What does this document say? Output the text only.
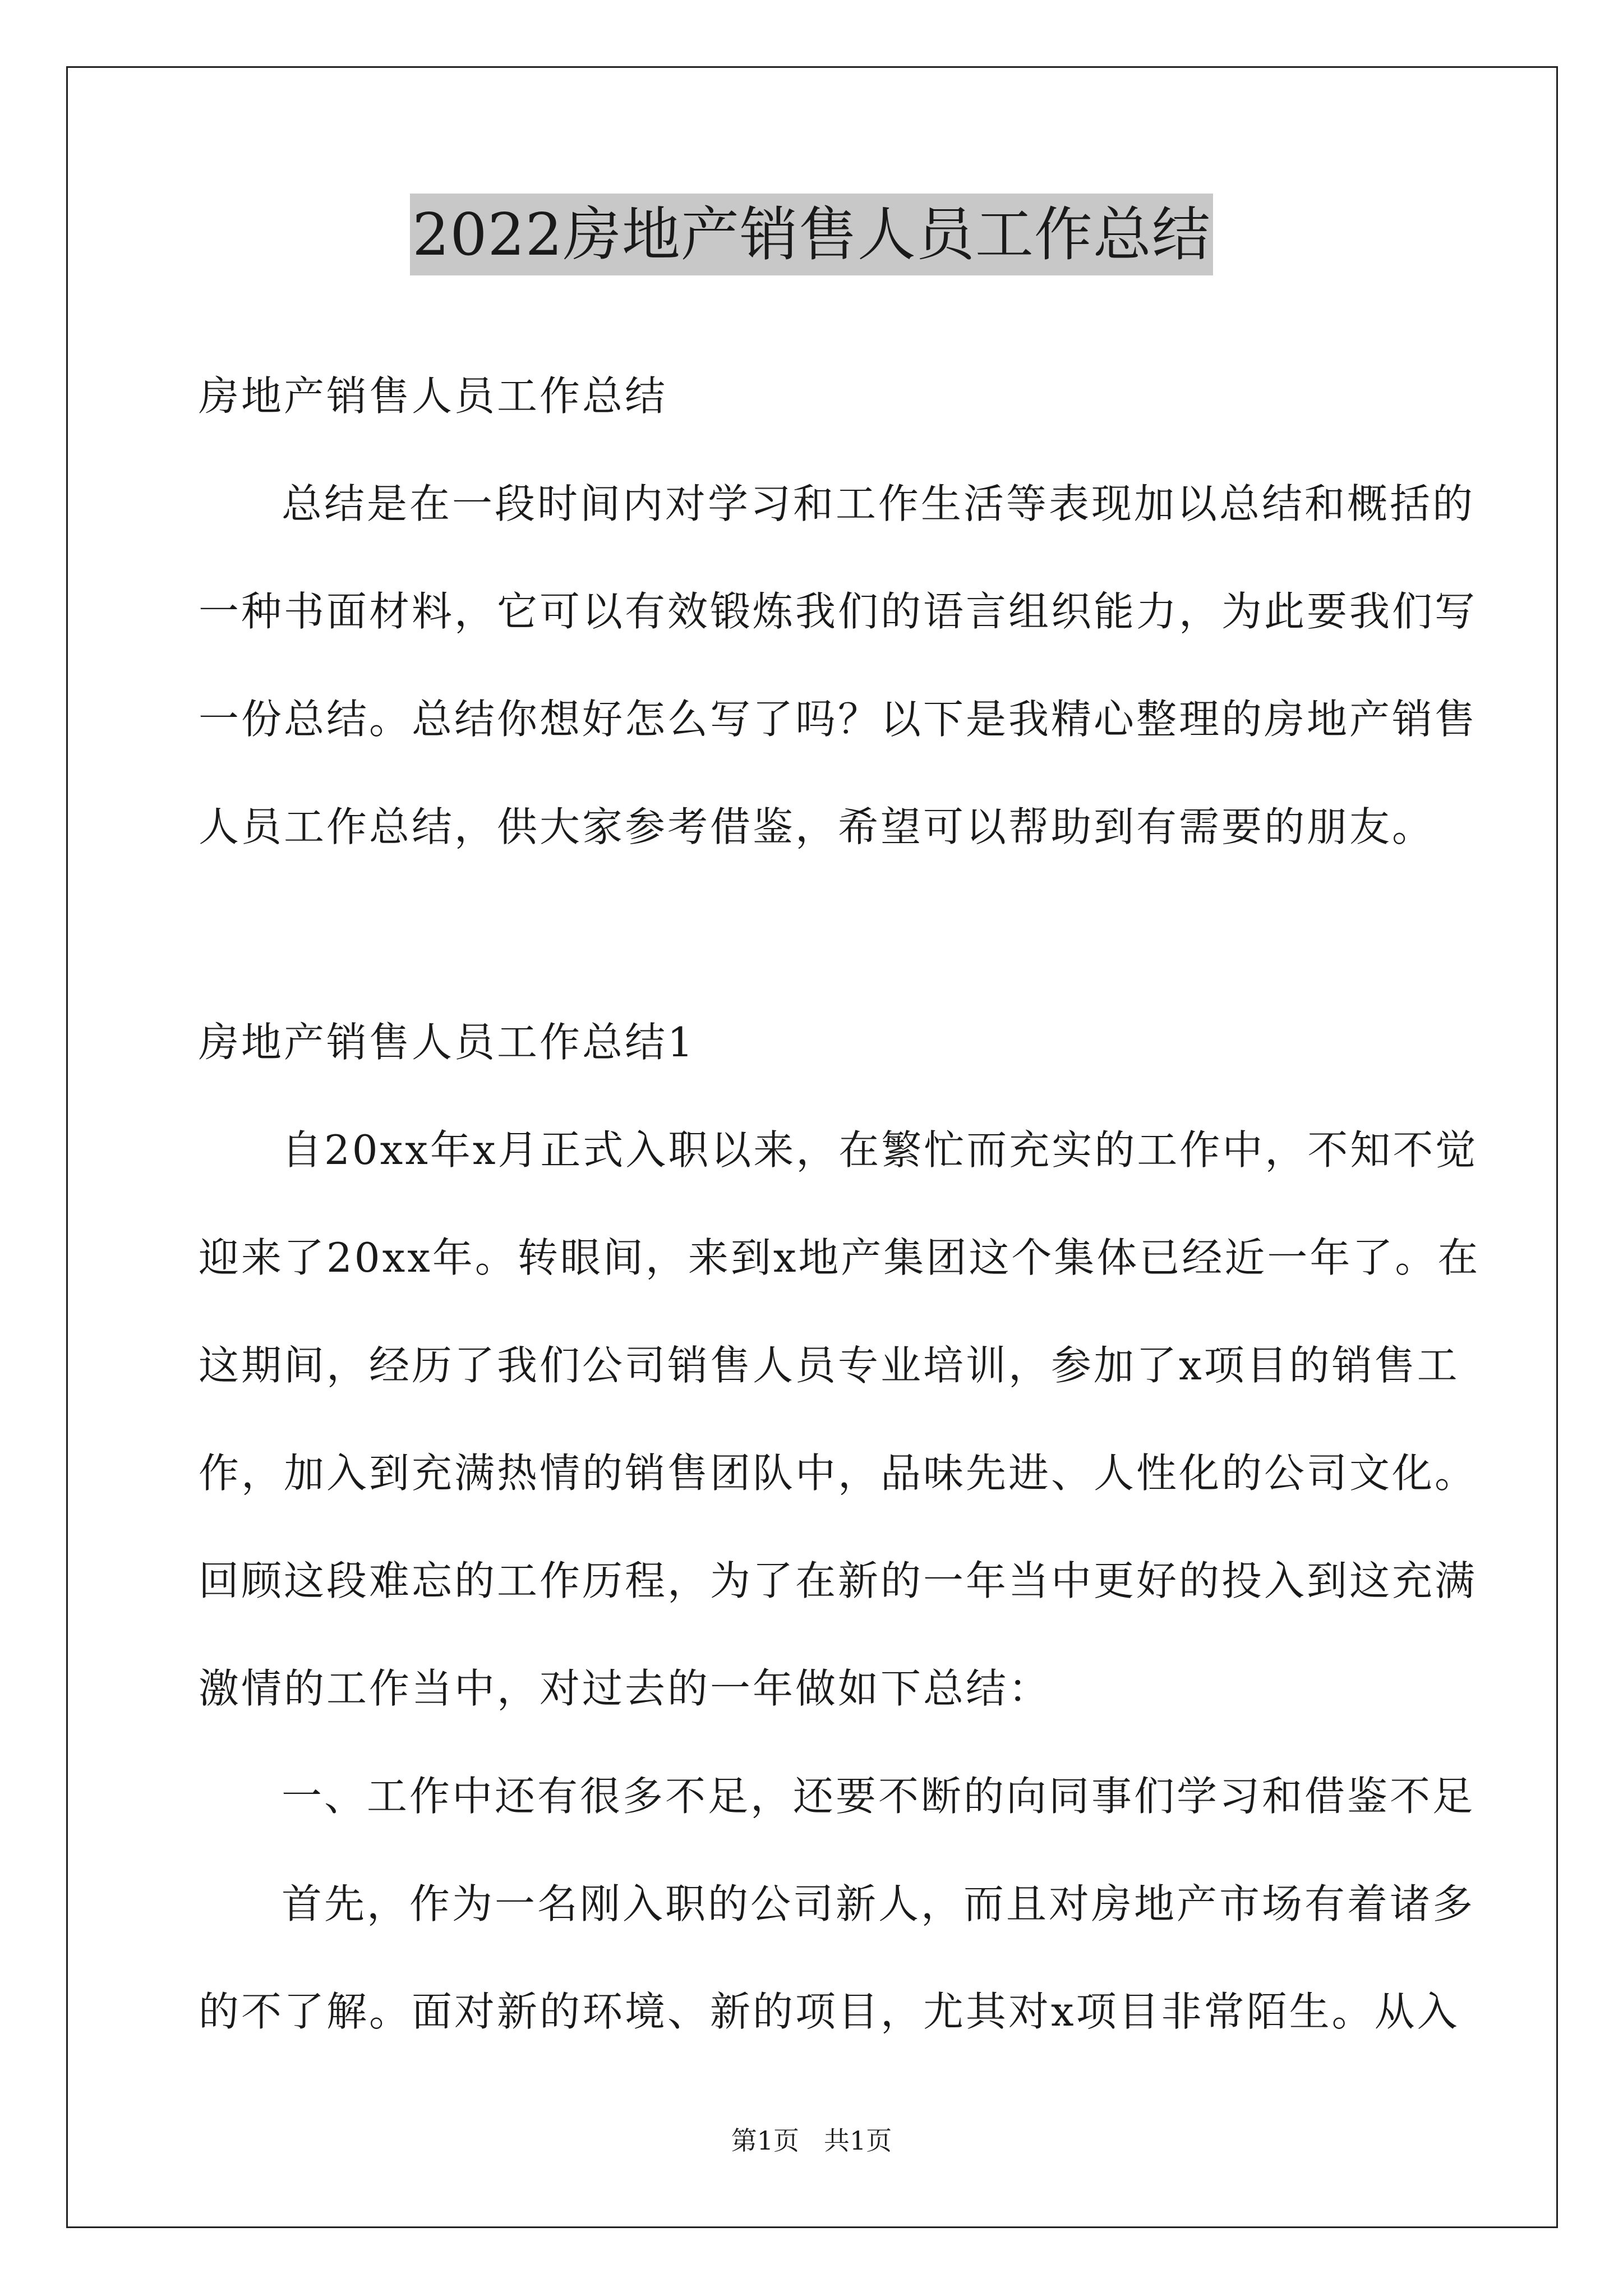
2022房地产销售人员工作总结
房地产销售人员工作总结
总结是在一段时间内对学习和工作生活等表现加以总结和概括的
一种书面材料，它可以有效锻炼我们的语言组织能力，为此要我们写
一份总结。总结你想好怎么写了吗？以下是我精心整理的房地产销售
人员工作总结，供大家参考借鉴，希望可以帮助到有需要的朋友。
房地产销售人员工作总结1
自20xx年x月正式入职以来，在繁忙而充实的工作中，不知不觉
迎来了20xx年。转眼间，来到x地产集团这个集体已经近一年了。在
这期间，经历了我们公司销售人员专业培训，参加了x项目的销售工
作，加入到充满热情的销售团队中，品味先进、人性化的公司文化。
回顾这段难忘的工作历程，为了在新的一年当中更好的投入到这充满
激情的工作当中，对过去的一年做如下总结：
一、工作中还有很多不足，还要不断的向同事们学习和借鉴不足
首先，作为一名刚入职的公司新人，而且对房地产市场有着诸多
的不了解。面对新的环境、新的项目，尤其对x项目非常陌生。从入
第1页 共1页
